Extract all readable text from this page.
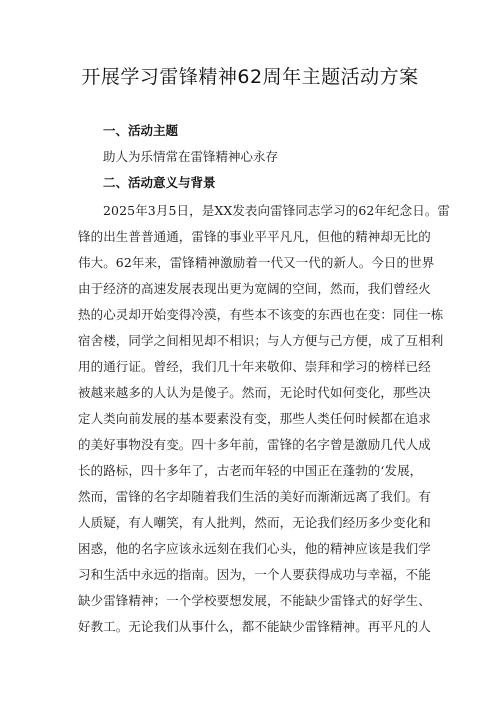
开展学习雷锋精神62周年主题活动方案
一、活动主题
助人为乐情常在雷锋精神心永存
二、活动意义与背景
2025年3月5日，是XX发表向雷锋同志学习的62年纪念日。雷
锋的出生普普通通，雷锋的事业平平凡凡，但他的精神却无比的
伟大。62年来，雷锋精神激励着一代又一代的新人。今日的世界
由于经济的高速发展表现出更为宽阔的空间，然而，我们曾经火
热的心灵却开始变得冷漠，有些本不该变的东西也在变：同住一栋
宿舍楼，同学之间相见却不相识；与人方便与己方便，成了互相利
用的通行证。曾经，我们几十年来敬仰、崇拜和学习的榜样已经
被越来越多的人认为是傻子。然而，无论时代如何变化，那些决
定人类向前发展的基本要素没有变，那些人类任何时候都在追求
的美好事物没有变。四十多年前，雷锋的名字曾是激励几代人成
长的路标，四十多年了，古老而年轻的中国正在蓬勃的‘发展，
然而，雷锋的名字却随着我们生活的美好而渐渐远离了我们。有
人质疑，有人嘲笑，有人批判，然而，无论我们经历多少变化和
困惑，他的名字应该永远刻在我们心头，他的精神应该是我们学
习和生活中永远的指南。因为，一个人要获得成功与幸福，不能
缺少雷锋精神；一个学校要想发展，不能缺少雷锋式的好学生、
好教工。无论我们从事什么，都不能缺少雷锋精神。再平凡的人
